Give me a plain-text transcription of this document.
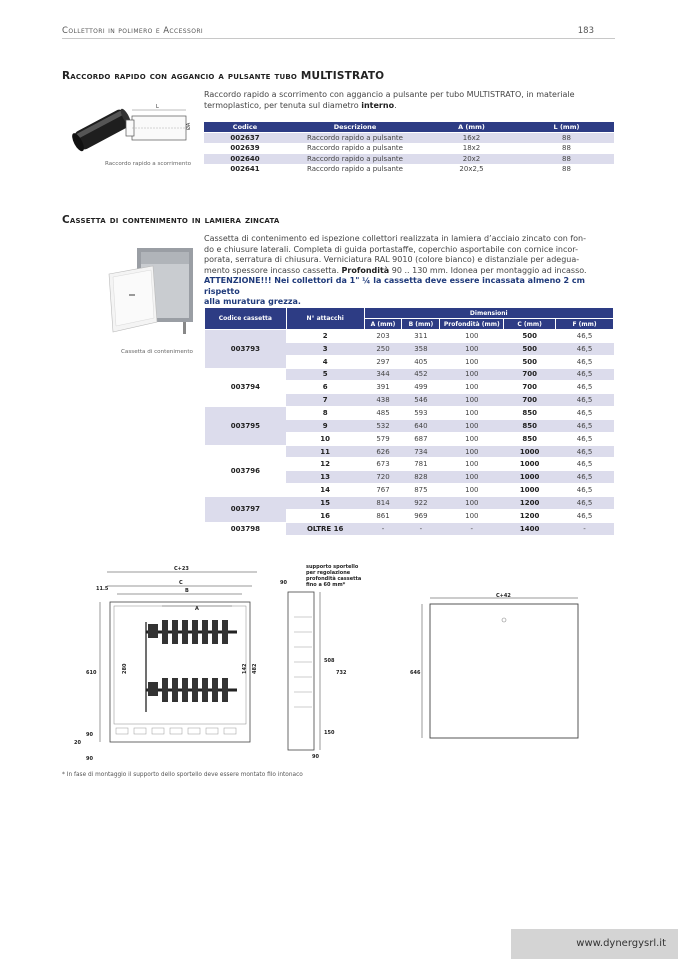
Collettori in polimero e Accessori	183
Raccordo rapido con aggancio a pulsante tubo MULTISTRATO
L
ØA
Raccordo rapido a scorrimento
Raccordo rapido a scorrimento con aggancio a pulsante per tubo MULTISTRATO, in materiale termoplastico, per tenuta sul diametro interno.
Codice	Descrizione	A (mm)	L (mm)
002637	Raccordo rapido a pulsante	16x2	88
002639	Raccordo rapido a pulsante	18x2	88
002640	Raccordo rapido a pulsante	20x2	88
002641	Raccordo rapido a pulsante	20x2,5	88
Cassetta di contenimento in lamiera zincata
Cassetta di contenimento
Cassetta di contenimento ed ispezione collettori realizzata in lamiera d’acciaio zincato con fon-
do e chiusure laterali. Completa di guida portastaffe, coperchio asportabile con cornice incor-
porata, serratura di chiusura. Verniciatura RAL 9010 (colore bianco) e distanziale per adegua-
mento spessore incasso cassetta. Profondità 90 .. 130 mm. Idonea per montaggio ad incasso.
ATTENZIONE!!! Nei collettori da 1" ¼ la cassetta deve essere incassata almeno 2 cm rispetto
alla muratura grezza.
Codice cassetta	N° attacchi	Dimensioni				
		A (mm)	B (mm)	Profondità (mm)	C (mm)	F (mm)
003793	2	203	311	100	500	46,5
	3	250	358	100	500	46,5
	4	297	405	100	500	46,5
003794	5	344	452	100	700	46,5
	6	391	499	100	700	46,5
	7	438	546	100	700	46,5
003795	8	485	593	100	850	46,5
	9	532	640	100	850	46,5
	10	579	687	100	850	46,5
003796	11	626	734	100	1000	46,5
	12	673	781	100	1000	46,5
	13	720	828	100	1000	46,5
	14	767	875	100	1000	46,5
003797	15	814	922	100	1200	46,5
	16	861	969	100	1200	46,5
003798	OLTRE 16	-	-	-	1400	-
C+23
C
11.5	B
A
610	280	142 482
90
20
90
supporto sportello
per regolazione
profondità cassetta
fino a 60 mm*
90
508
732
150
90
C+42
646
* In fase di montaggio il supporto dello sportello deve essere montato filo intonaco
www.dynergysrl.it
